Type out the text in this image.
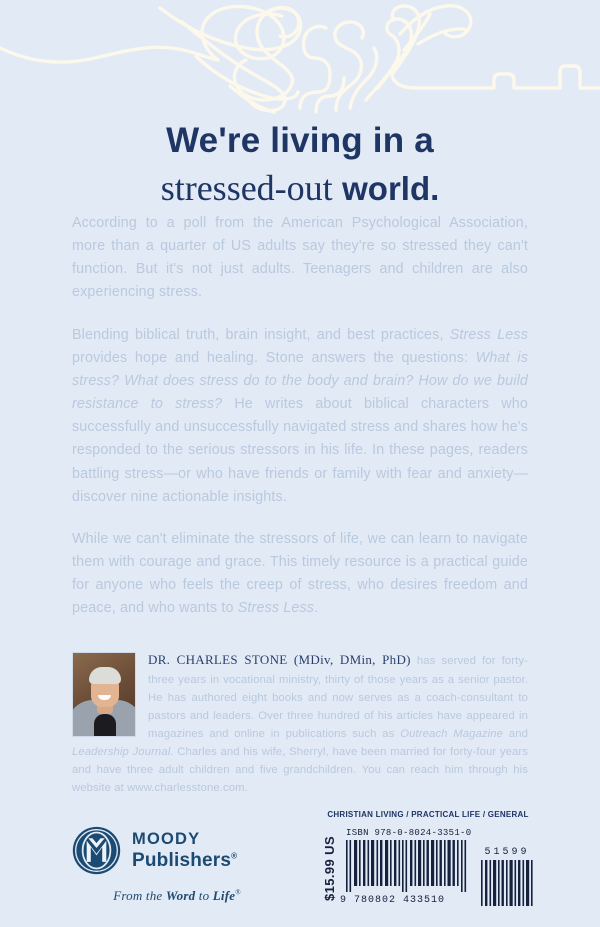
We're living in a
stressed-out world.

According to a poll from the American Psychological Association, more than a quarter of US adults say they're so stressed they can't function. But it's not just adults. Teenagers and children are also experiencing stress.

Blending biblical truth, brain insight, and best practices, Stress Less provides hope and healing. Stone answers the questions: What is stress? What does stress do to the body and brain? How do we build resistance to stress? He writes about biblical characters who successfully and unsuccessfully navigated stress and shares how he's responded to the serious stressors in his life. In these pages, readers battling stress—or who have friends or family with fear and anxiety—discover nine actionable insights.

While we can't eliminate the stressors of life, we can learn to navigate them with courage and grace. This timely resource is a practical guide for anyone who feels the creep of stress, who desires freedom and peace, and who wants to Stress Less.

DR. CHARLES STONE (MDiv, DMin, PhD) has served for forty-three years in vocational ministry, thirty of those years as a senior pastor. He has authored eight books and now serves as a coach-consultant to pastors and leaders. Over three hundred of his articles have appeared in magazines and online in publications such as Outreach Magazine and Leadership Journal. Charles and his wife, Sherryl, have been married for forty-four years and have three adult children and five grandchildren. You can reach him through his website at www.charlesstone.com.
MOODY
Publishers®
From the Word to Life®
CHRISTIAN LIVING / PRACTICAL LIFE / GENERAL
$15.99 US
ISBN 978-0-8024-3351-0
9 780802 433510
51599
